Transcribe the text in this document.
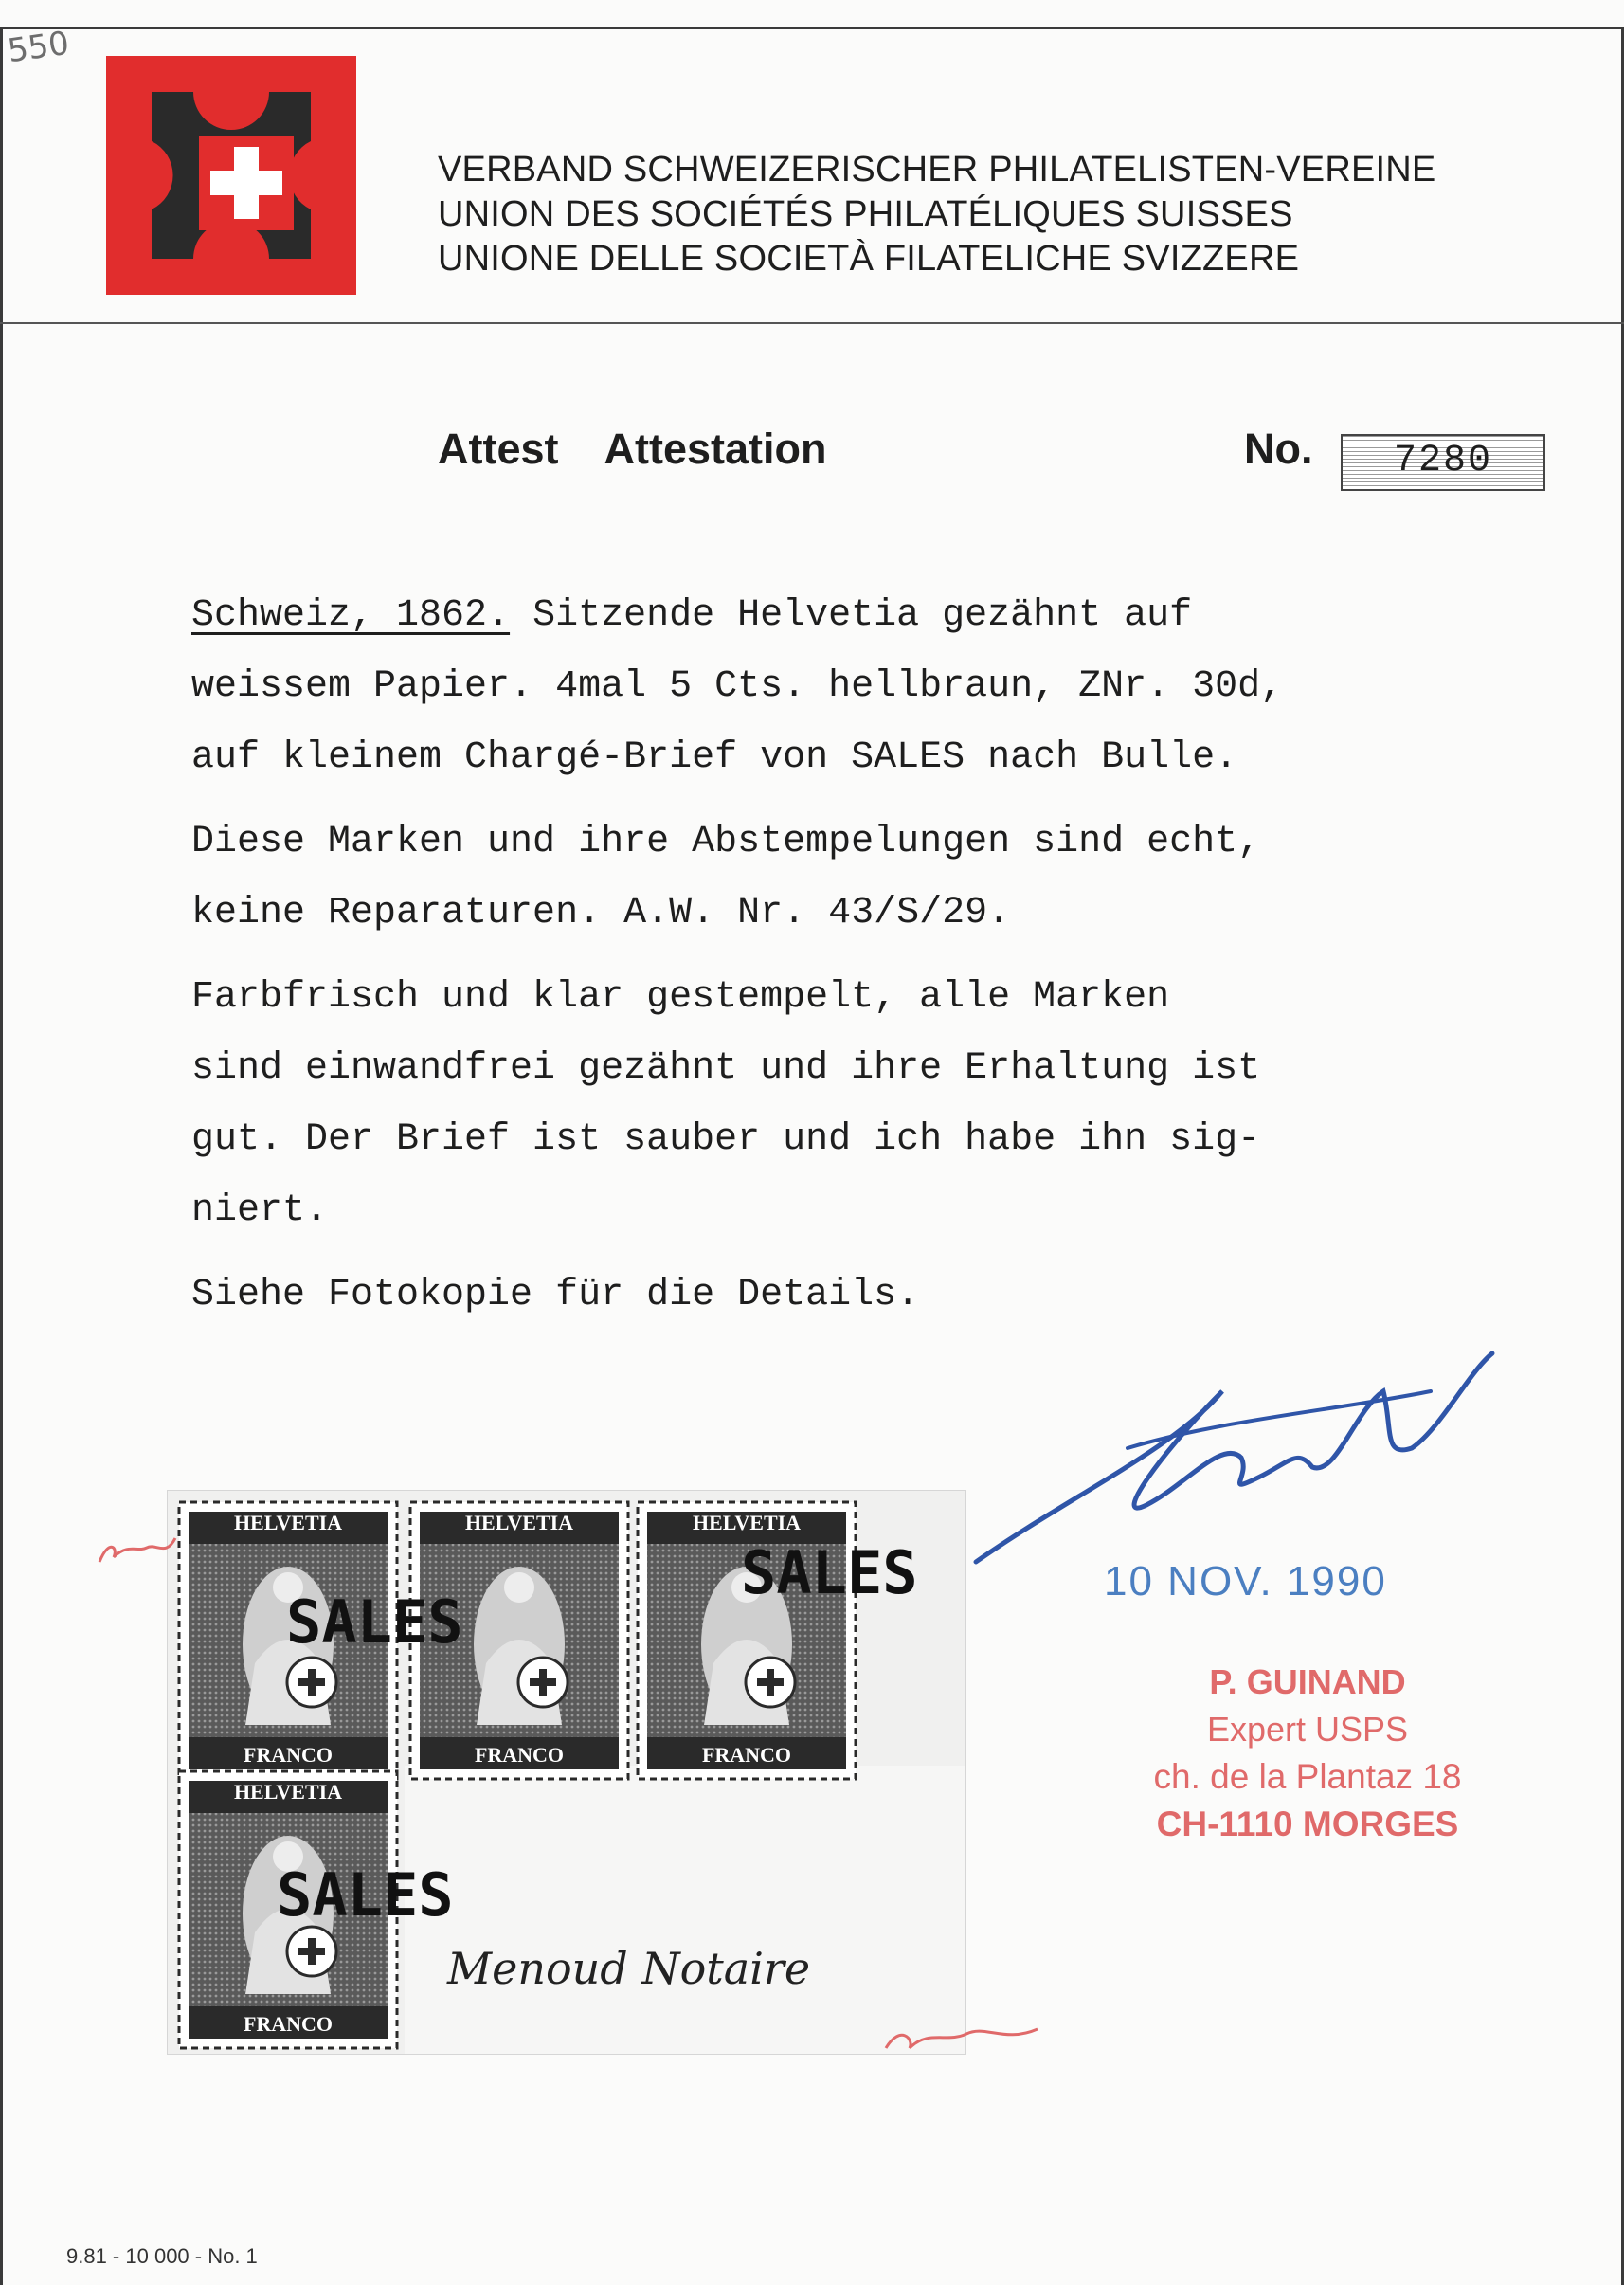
550
VERBAND SCHWEIZERISCHER PHILATELISTEN-VEREINE
UNION DES SOCIÉTÉS PHILATÉLIQUES SUISSES
UNIONE DELLE SOCIETÀ FILATELICHE SVIZZERE
Attest Attestation	No.	7280
Schweiz, 1862. Sitzende Helvetia gezähnt auf
weissem Papier. 4mal 5 Cts. hellbraun, ZNr. 30d,
auf kleinem Chargé-Brief von SALES nach Bulle.
Diese Marken und ihre Abstempelungen sind echt,
keine Reparaturen. A.W. Nr. 43/S/29.
Farbfrisch und klar gestempelt, alle Marken
sind einwandfrei gezähnt und ihre Erhaltung ist
gut. Der Brief ist sauber und ich habe ihn sig-
niert.
Siehe Fotokopie für die Details.
HELVETIA
FRANCO
HELVETIA
FRANCO
HELVETIA
FRANCO
HELVETIA
FRANCO
SALES
SALES
SALES
Menoud Notaire
10 NOV. 1990
P. GUINAND
Expert USPS
ch. de la Plantaz 18
CH-1110 MORGES
9.81 - 10 000 - No. 1
